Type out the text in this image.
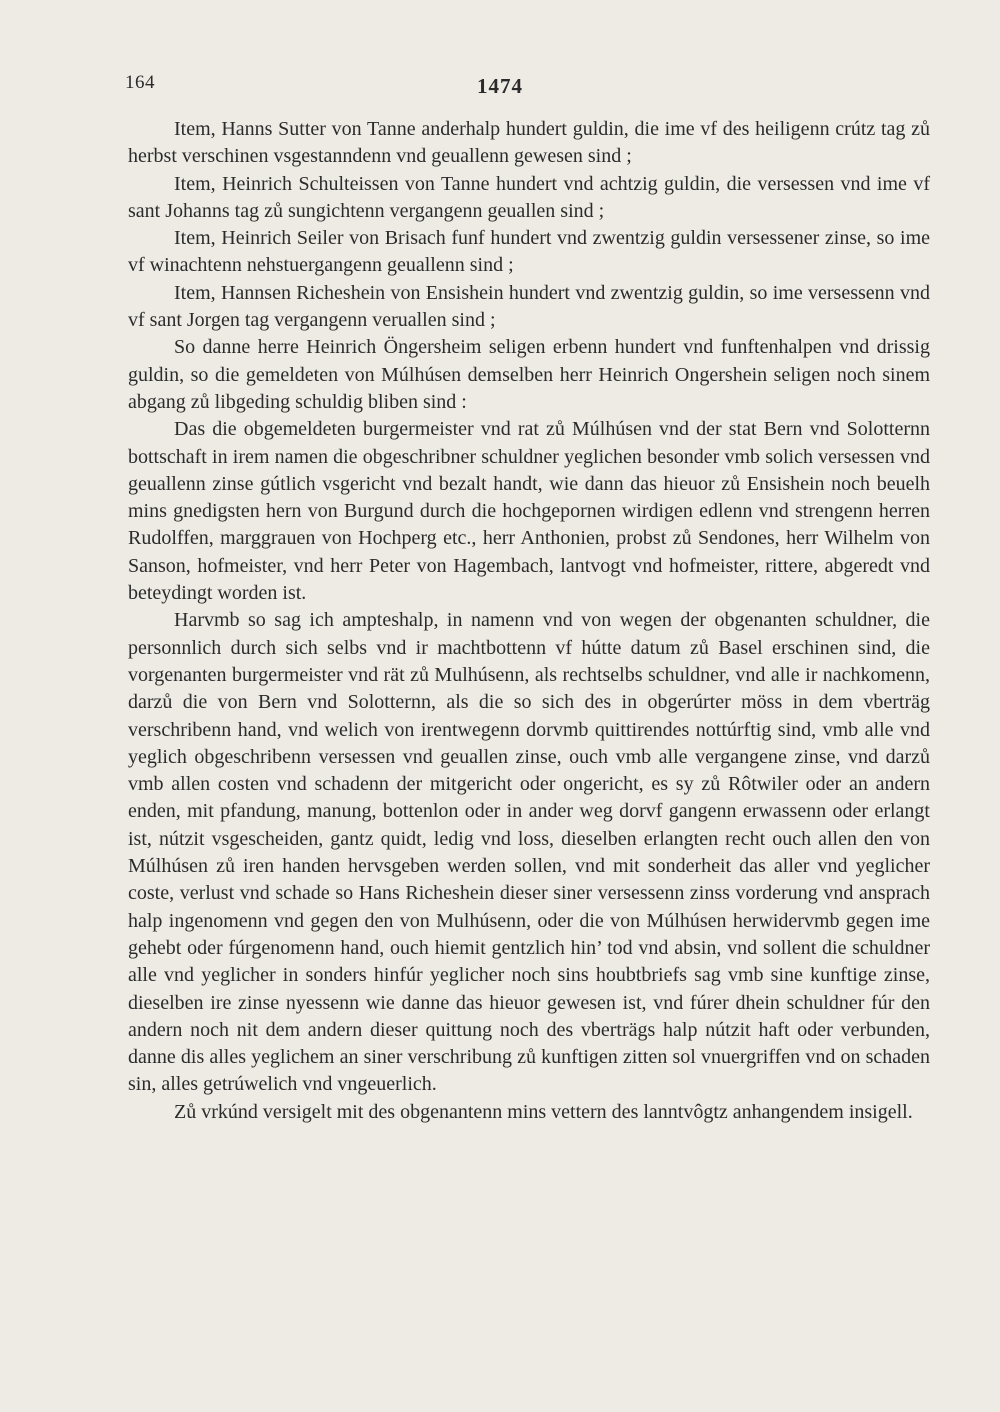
164	1474

Item, Hanns Sutter von Tanne anderhalp hundert guldin, die ime vf des heiligenn crútz tag zů herbst verschinen vsgestanndenn vnd geuallenn gewesen sind ;

Item, Heinrich Schulteissen von Tanne hundert vnd achtzig guldin, die versessen vnd ime vf sant Johanns tag zů sungichtenn vergangenn geuallen sind ;

Item, Heinrich Seiler von Brisach funf hundert vnd zwentzig guldin versessener zinse, so ime vf winachtenn nehstuergangenn geuallenn sind ;

Item, Hannsen Richeshein von Ensishein hundert vnd zwentzig guldin, so ime versessenn vnd vf sant Jorgen tag vergangenn veruallen sind ;

So danne herre Heinrich Öngersheim seligen erbenn hundert vnd funftenhalpen vnd drissig guldin, so die gemeldeten von Múlhúsen demselben herr Heinrich Ongershein seligen noch sinem abgang zů libgeding schuldig bliben sind :

Das die obgemeldeten burgermeister vnd rat zů Múlhúsen vnd der stat Bern vnd Solotternn bottschaft in irem namen die obgeschribner schuldner yeglichen besonder vmb solich versessen vnd geuallenn zinse gútlich vsgericht vnd bezalt handt, wie dann das hieuor zů Ensishein noch beuelh mins gnedigsten hern von Burgund durch die hochgepornen wirdigen edlenn vnd strengenn herren Rudolffen, marggrauen von Hochperg etc., herr Anthonien, probst zů Sendones, herr Wilhelm von Sanson, hofmeister, vnd herr Peter von Hagembach, lantvogt vnd hofmeister, rittere, abgeredt vnd beteydingt worden ist.

Harvmb so sag ich ampteshalp, in namenn vnd von wegen der obgenanten schuldner, die personnlich durch sich selbs vnd ir machtbottenn vf hútte datum zů Basel erschinen sind, die vorgenanten burgermeister vnd rät zů Mulhúsenn, als rechtselbs schuldner, vnd alle ir nachkomenn, darzů die von Bern vnd Solotternn, als die so sich des in obgerúrter möss in dem vberträg verschribenn hand, vnd welich von irentwegenn dorvmb quittirendes nottúrftig sind, vmb alle vnd yeglich obgeschribenn versessen vnd geuallen zinse, ouch vmb alle vergangene zinse, vnd darzů vmb allen costen vnd schadenn der mitgericht oder ongericht, es sy zů Rôtwiler oder an andern enden, mit pfandung, manung, bottenlon oder in ander weg dorvf gangenn erwassenn oder erlangt ist, nútzit vsgescheiden, gantz quidt, ledig vnd loss, dieselben erlangten recht ouch allen den von Múlhúsen zů iren handen hervsgeben werden sollen, vnd mit sonderheit das aller vnd yeglicher coste, verlust vnd schade so Hans Richeshein dieser siner versessenn zinss vorderung vnd ansprach halp ingenomenn vnd gegen den von Mulhúsenn, oder die von Múlhúsen herwidervmb gegen ime gehebt oder fúrgenomenn hand, ouch hiemit gentzlich hin’ tod vnd absin, vnd sollent die schuldner alle vnd yeglicher in sonders hinfúr yeglicher noch sins houbtbriefs sag vmb sine kunftige zinse, dieselben ire zinse nyessenn wie danne das hieuor gewesen ist, vnd fúrer dhein schuldner fúr den andern noch nit dem andern dieser quittung noch des vberträgs halp nútzit haft oder verbunden, danne dis alles yeglichem an siner verschribung zů kunftigen zitten sol vnuergriffen vnd on schaden sin, alles getrúwelich vnd vngeuerlich.

Zů vrkúnd versigelt mit des obgenantenn mins vettern des lanntvôgtz anhangendem insigell.
